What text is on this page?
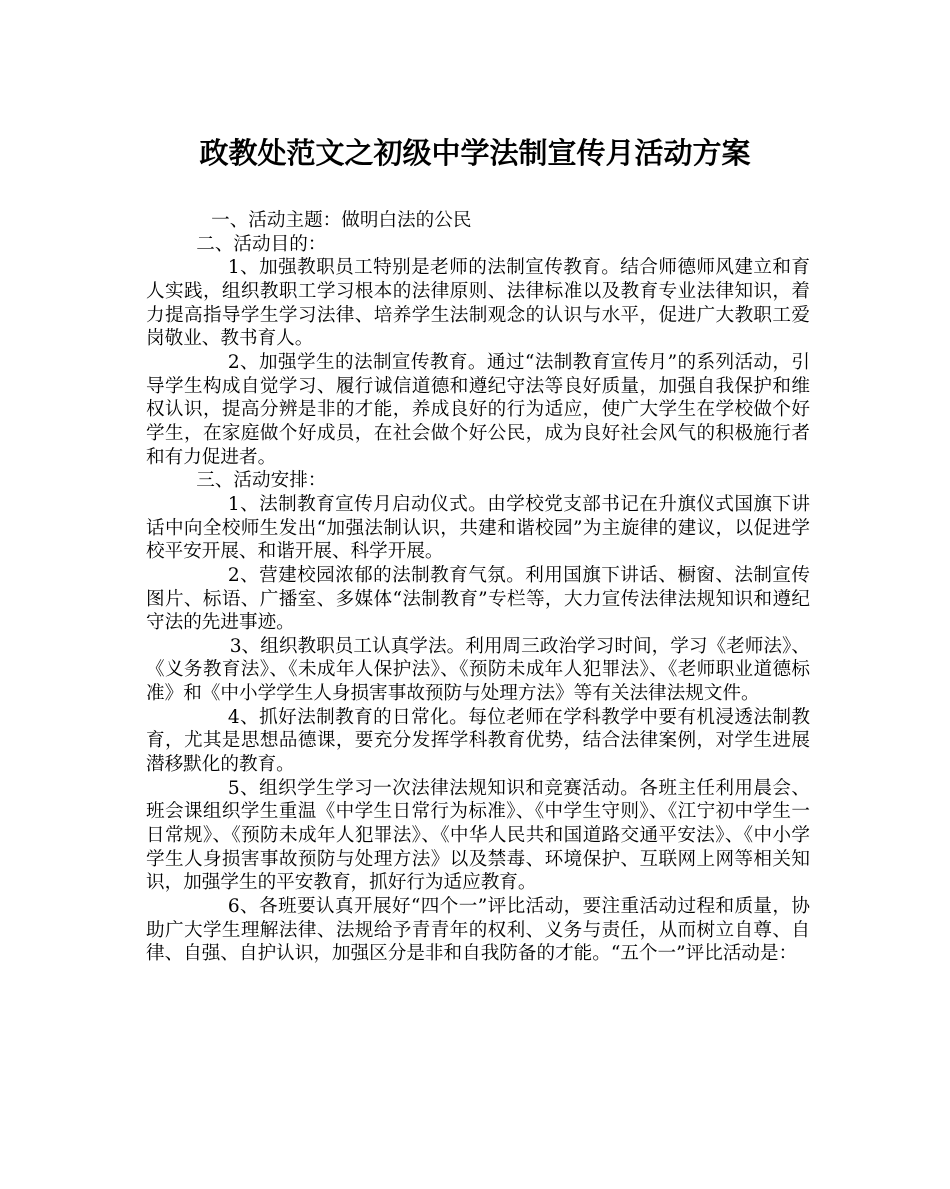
政教处范文之初级中学法制宣传月活动方案

一、活动主题：做明白法的公民

二、活动目的：

1、加强教职员工特别是老师的法制宣传教育。结合师德师风建立和育人实践，组织教职工学习根本的法律原则、法律标准以及教育专业法律知识，着力提高指导学生学习法律、培养学生法制观念的认识与水平，促进广大教职工爱岗敬业、教书育人。

2、加强学生的法制宣传教育。通过“法制教育宣传月”的系列活动，引导学生构成自觉学习、履行诚信道德和遵纪守法等良好质量，加强自我保护和维权认识，提高分辨是非的才能，养成良好的行为适应，使广大学生在学校做个好学生，在家庭做个好成员，在社会做个好公民，成为良好社会风气的积极施行者和有力促进者。

三、活动安排：

1、法制教育宣传月启动仪式。由学校党支部书记在升旗仪式国旗下讲话中向全校师生发出“加强法制认识，共建和谐校园”为主旋律的建议，以促进学校平安开展、和谐开展、科学开展。

2、营建校园浓郁的法制教育气氛。利用国旗下讲话、橱窗、法制宣传图片、标语、广播室、多媒体“法制教育”专栏等，大力宣传法律法规知识和遵纪守法的先进事迹。

3、组织教职员工认真学法。利用周三政治学习时间，学习《老师法》、《义务教育法》、《未成年人保护法》、《预防未成年人犯罪法》、《老师职业道德标准》和《中小学学生人身损害事故预防与处理方法》等有关法律法规文件。

4、抓好法制教育的日常化。每位老师在学科教学中要有机浸透法制教育，尤其是思想品德课，要充分发挥学科教育优势，结合法律案例，对学生进展潜移默化的教育。

5、组织学生学习一次法律法规知识和竞赛活动。各班主任利用晨会、班会课组织学生重温《中学生日常行为标准》、《中学生守则》、《江宁初中学生一日常规》、《预防未成年人犯罪法》、《中华人民共和国道路交通平安法》、《中小学学生人身损害事故预防与处理方法》以及禁毒、环境保护、互联网上网等相关知识，加强学生的平安教育，抓好行为适应教育。

6、各班要认真开展好“四个一”评比活动，要注重活动过程和质量，协助广大学生理解法律、法规给予青青年的权利、义务与责任，从而树立自尊、自律、自强、自护认识，加强区分是非和自我防备的才能。“五个一”评比活动是：
